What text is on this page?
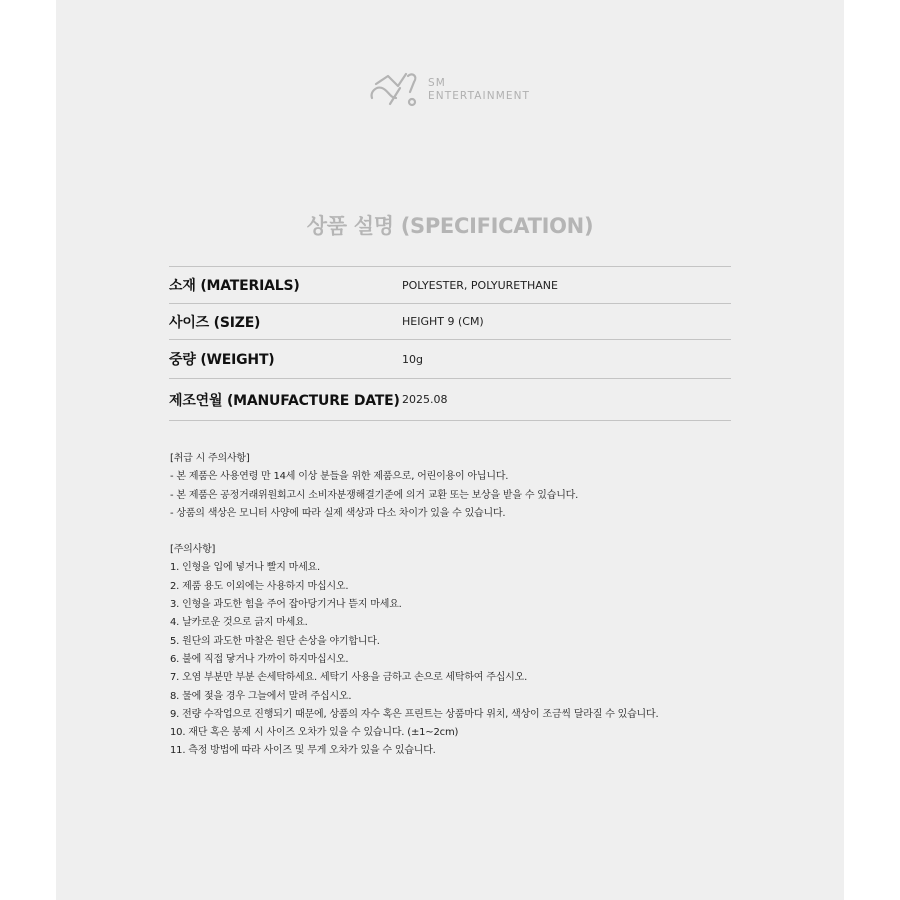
SM
ENTERTAINMENT
상품 설명 (SPECIFICATION)
소재 (MATERIALS)	POLYESTER, POLYURETHANE
사이즈 (SIZE)	HEIGHT 9 (CM)
중량 (WEIGHT)	10g
제조연월 (MANUFACTURE DATE) 2025.08
[취급 시 주의사항]
- 본 제품은 사용연령 만 14세 이상 분들을 위한 제품으로, 어린이용이 아닙니다.
- 본 제품은 공정거래위원회고시 소비자분쟁해결기준에 의거 교환 또는 보상을 받을 수 있습니다.
- 상품의 색상은 모니터 사양에 따라 실제 색상과 다소 차이가 있을 수 있습니다.
[주의사항]
1. 인형을 입에 넣거나 빨지 마세요.
2. 제품 용도 이외에는 사용하지 마십시오.
3. 인형을 과도한 힘을 주어 잡아당기거나 뜯지 마세요.
4. 날카로운 것으로 긁지 마세요.
5. 원단의 과도한 마찰은 원단 손상을 야기합니다.
6. 불에 직접 닿거나 가까이 하지마십시오.
7. 오염 부분만 부분 손세탁하세요. 세탁기 사용을 금하고 손으로 세탁하여 주십시오.
8. 물에 젖을 경우 그늘에서 말려 주십시오.
9. 전량 수작업으로 진행되기 때문에, 상품의 자수 혹은 프린트는 상품마다 위치, 색상이 조금씩 달라질 수 있습니다.
10. 재단 혹은 봉제 시 사이즈 오차가 있을 수 있습니다. (±1~2cm)
11. 측정 방법에 따라 사이즈 및 무게 오차가 있을 수 있습니다.
